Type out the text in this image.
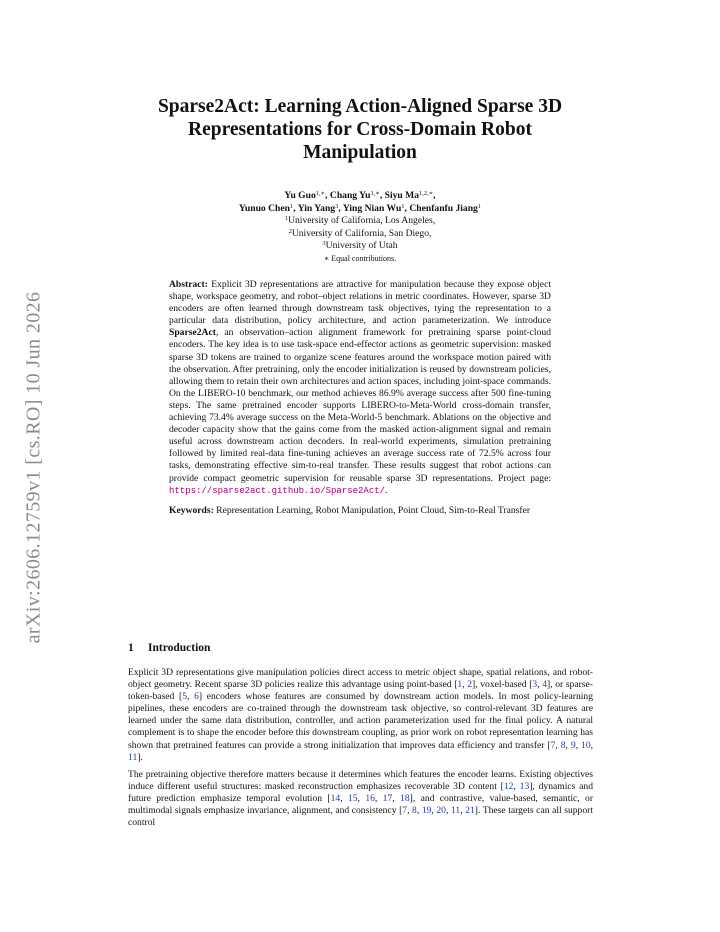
arXiv:2606.12759v1 [cs.RO] 10 Jun 2026
Sparse2Act: Learning Action-Aligned Sparse 3D
Representations for Cross-Domain Robot
Manipulation
Yu Guo$^{1,∗}$, Chang $Yu^{1,∗}$, Siyu $Ma^{1,2,∗}$,
Yunuo Chen$^1$, Yin Yang$^3$, Ying Nian Wu$^1$, Chenfanfu Jiang$^1$
$^1$University of California, Los Angeles,
$^2$University of California, San Diego,
$^3$University of Utah
∗ Equal contributions.

Abstract: Explicit 3D representations are attractive for manipulation because they expose object shape, workspace geometry, and robot–object relations in metric coordinates. However, sparse 3D encoders are often learned through downstream task objectives, tying the representation to a particular data distribution, policy architecture, and action parameterization. We introduce Sparse2Act, an observation–action alignment framework for pretraining sparse point-cloud encoders. The key idea is to use task-space end-effector actions as geometric supervision: masked sparse 3D tokens are trained to organize scene features around the workspace motion paired with the observation. After pretraining, only the encoder initialization is reused by downstream policies, allowing them to retain their own architectures and action spaces, including joint-space commands. On the LIBERO-10 benchmark, our method achieves 86.9% average success after 500 fine-tuning steps. The same pretrained encoder supports LIBERO-to-Meta-World cross-domain transfer, achieving 73.4% average success on the Meta-World-5 benchmark. Ablations on the objective and decoder capacity show that the gains come from the masked action-alignment signal and remain useful across downstream action decoders. In real-world experiments, simulation pretraining followed by limited real-data fine-tuning achieves an average success rate of 72.5% across four tasks, demonstrating effective sim-to-real transfer. These results suggest that robot actions can provide compact geometric supervision for reusable sparse 3D representations. Project page: https://sparse2act.github.io/Sparse2Act/.

Keywords: Representation Learning, Robot Manipulation, Point Cloud, Sim-to-Real Transfer

1 Introduction

Explicit 3D representations give manipulation policies direct access to metric object shape, spatial relations, and robot-object geometry. Recent sparse 3D policies realize this advantage using point-based [1, 2], voxel-based [3, 4], or sparse-token-based [5, 6] encoders whose features are consumed by downstream action models. In most policy-learning pipelines, these encoders are co-trained through the downstream task objective, so control-relevant 3D features are learned under the same data distribution, controller, and action parameterization used for the final policy. A natural complement is to shape the encoder before this downstream coupling, as prior work on robot representation learning has shown that pretrained features can provide a strong initialization that improves data efficiency and transfer [7, 8, 9, 10, 11].

The pretraining objective therefore matters because it determines which features the encoder learns. Existing objectives induce different useful structures: masked reconstruction emphasizes recoverable 3D content [12, 13], dynamics and future prediction emphasize temporal evolution [14, 15, 16, 17, 18], and contrastive, value-based, semantic, or multimodal signals emphasize invariance, alignment, and consistency [7, 8, 19, 20, 11, 21]. These targets can all support control
